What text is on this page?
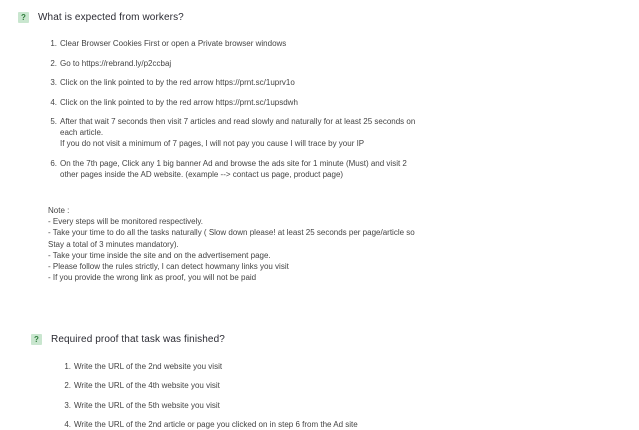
?	What is expected from workers?
1. Clear Browser Cookies First or open a Private browser windows
2. Go to https://rebrand.ly/p2ccbaj
3. Click on the link pointed to by the red arrow https://prnt.sc/1uprv1o
4. Click on the link pointed to by the red arrow https://prnt.sc/1upsdwh
5. After that wait 7 seconds then visit 7 articles and read slowly and naturally for at least 25 seconds on
each article.
If you do not visit a minimum of 7 pages, I will not pay you cause I will trace by your IP
6. On the 7th page, Click any 1 big banner Ad and browse the ads site for 1 minute (Must) and visit 2
other pages inside the AD website. (example --> contact us page, product page)
Note :
- Every steps will be monitored respectively.
- Take your time to do all the tasks naturally ( Slow down please! at least 25 seconds per page/article so
Stay a total of 3 minutes mandatory).
- Take your time inside the site and on the advertisement page.
- Please follow the rules strictly, I can detect howmany links you visit
- If you provide the wrong link as proof, you will not be paid
?	Required proof that task was finished?
1. Write the URL of the 2nd website you visit
2. Write the URL of the 4th website you visit
3. Write the URL of the 5th website you visit
4. Write the URL of the 2nd article or page you clicked on in step 6 from the Ad site
